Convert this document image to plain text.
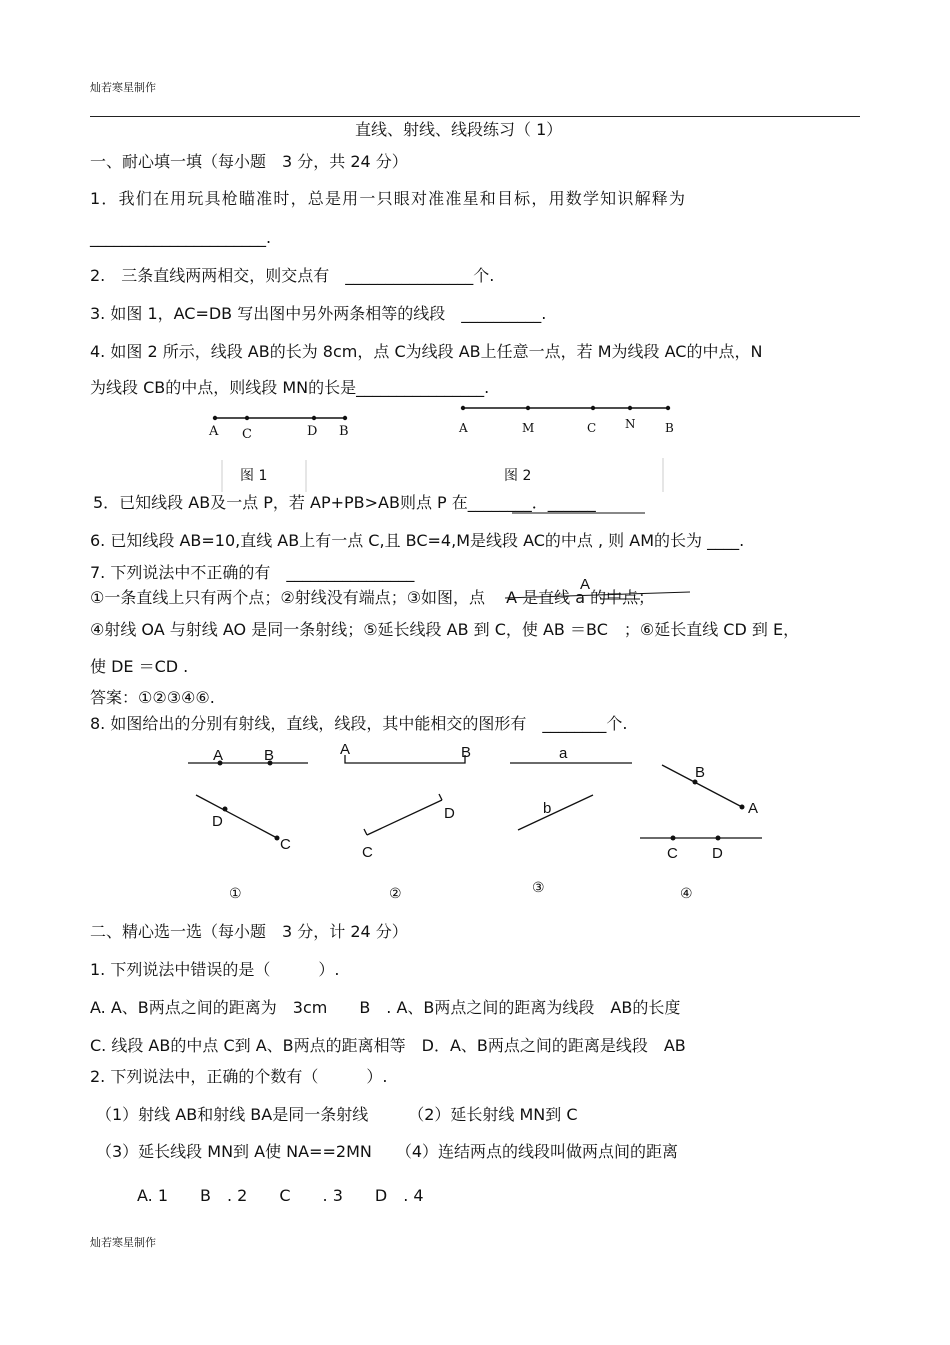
灿若寒星制作
直线、射线、线段练习（ 1）
一、耐心填一填（每小题　3 分，共 24 分）
1．我们在用玩具枪瞄准时，总是用一只眼对准准星和目标，用数学知识解释为
______________________.
2.　三条直线两两相交，则交点有　________________个.
3. 如图 1，AC=DB 写出图中另外两条相等的线段　__________.
4. 如图 2 所示，线段 AB的长为 8cm，点 C为线段 AB上任意一点，若 M为线段 AC的中点，N
为线段 CB的中点，则线段 MN的长是________________.
A C	D B
图 1
A	M	C N B
图 2
5．已知线段 AB及一点 P，若 AP+PB>AB则点 P 在________．______
6. 已知线段 AB=10,直线 AB上有一点 C,且 BC=4,M是线段 AC的中点 , 则 AM的长为 ____.
7. 下列说法中不正确的有　________________
A
①一条直线上只有两个点；②射线没有端点；③如图，点　 A 是直线 a 的中点；
④射线 OA 与射线 AO 是同一条射线；⑤延长线段 AB 到 C，使 AB ＝BC　；⑥延长直线 CD 到 E，
使 DE ＝CD .
答案：①②③④⑥.
8. 如图给出的分别有射线，直线，线段，其中能相交的图形有　________个.
A	B
D
C
①
A	B
D
C
②
a
b
③
B
A
C D
④
二、精心选一选（每小题　3 分，计 24 分）
1. 下列说法中错误的是（　　　）.
A. A、B两点之间的距离为　3cm　　B　. A、B两点之间的距离为线段　AB的长度
C. 线段 AB的中点 C到 A、B两点的距离相等　D．A、B两点之间的距离是线段　AB
2. 下列说法中，正确的个数有（　　　）.
（1）射线 AB和射线 BA是同一条射线　　　（2）延长射线 MN到 C
（3）延长线段 MN到 A使 NA==2MN　　（4）连结两点的线段叫做两点间的距离
A. 1　　B　. 2　　C　　. 3　　D　. 4
灿若寒星制作
